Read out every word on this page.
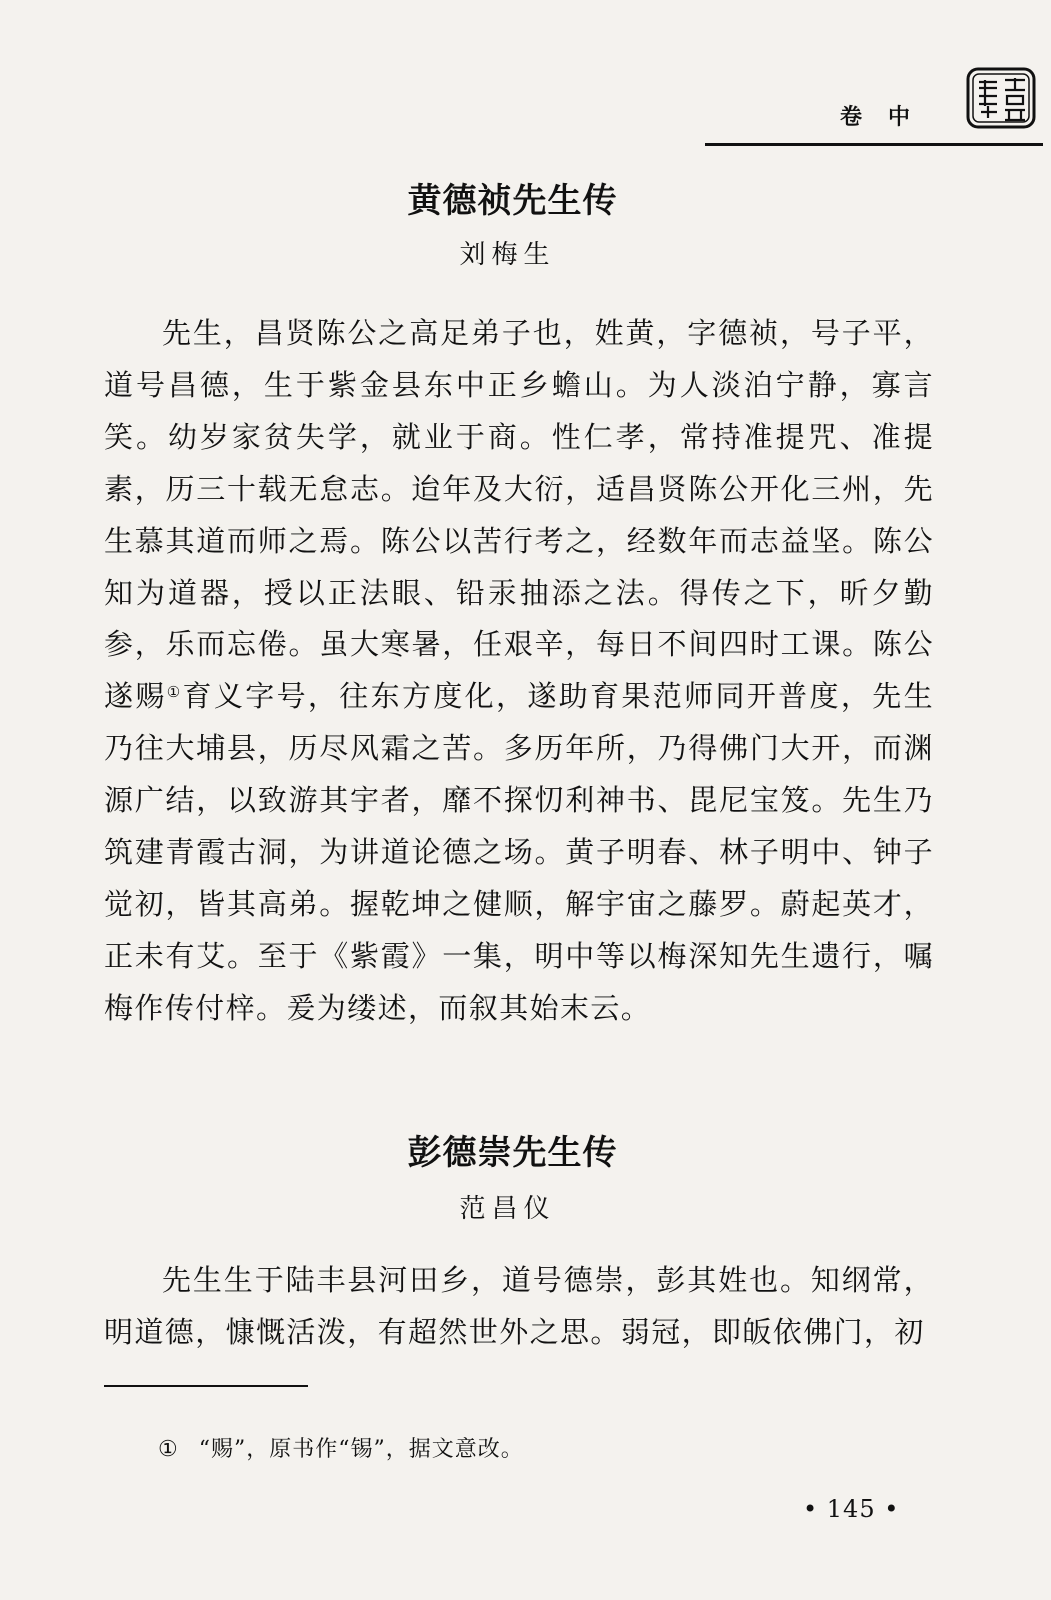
卷中
黄德祯先生传
刘梅生

先生，昌贤陈公之高足弟子也，姓黄，字德祯，号子平，道号昌德，生于紫金县东中正乡蟾山。为人淡泊宁静，寡言笑。幼岁家贫失学，就业于商。性仁孝，常持准提咒、准提素，历三十载无怠志。迨年及大衍，适昌贤陈公开化三州，先生慕其道而师之焉。陈公以苦行考之，经数年而志益坚。陈公知为道器，授以正法眼、铅汞抽添之法。得传之下，昕夕勤参，乐而忘倦。虽大寒暑，任艰辛，每日不间四时工课。陈公遂赐①育义字号，往东方度化，遂助育果范师同开普度，先生乃往大埔县，历尽风霜之苦。多历年所，乃得佛门大开，而渊源广结，以致游其宇者，靡不探忉利神书、毘尼宝笈。先生乃筑建青霞古洞，为讲道论德之场。黄子明春、林子明中、钟子觉初，皆其高弟。握乾坤之健顺，解宇宙之藤罗。蔚起英才，正未有艾。至于《紫霞》一集，明中等以梅深知先生遗行，嘱梅作传付梓。爰为缕述，而叙其始末云。

彭德崇先生传
范昌仪

先生生于陆丰县河田乡，道号德崇，彭其姓也。知纲常，明道德，慷慨活泼，有超然世外之思。弱冠，即皈依佛门，初

① “赐”，原书作“锡”，据文意改。
• 145 •
